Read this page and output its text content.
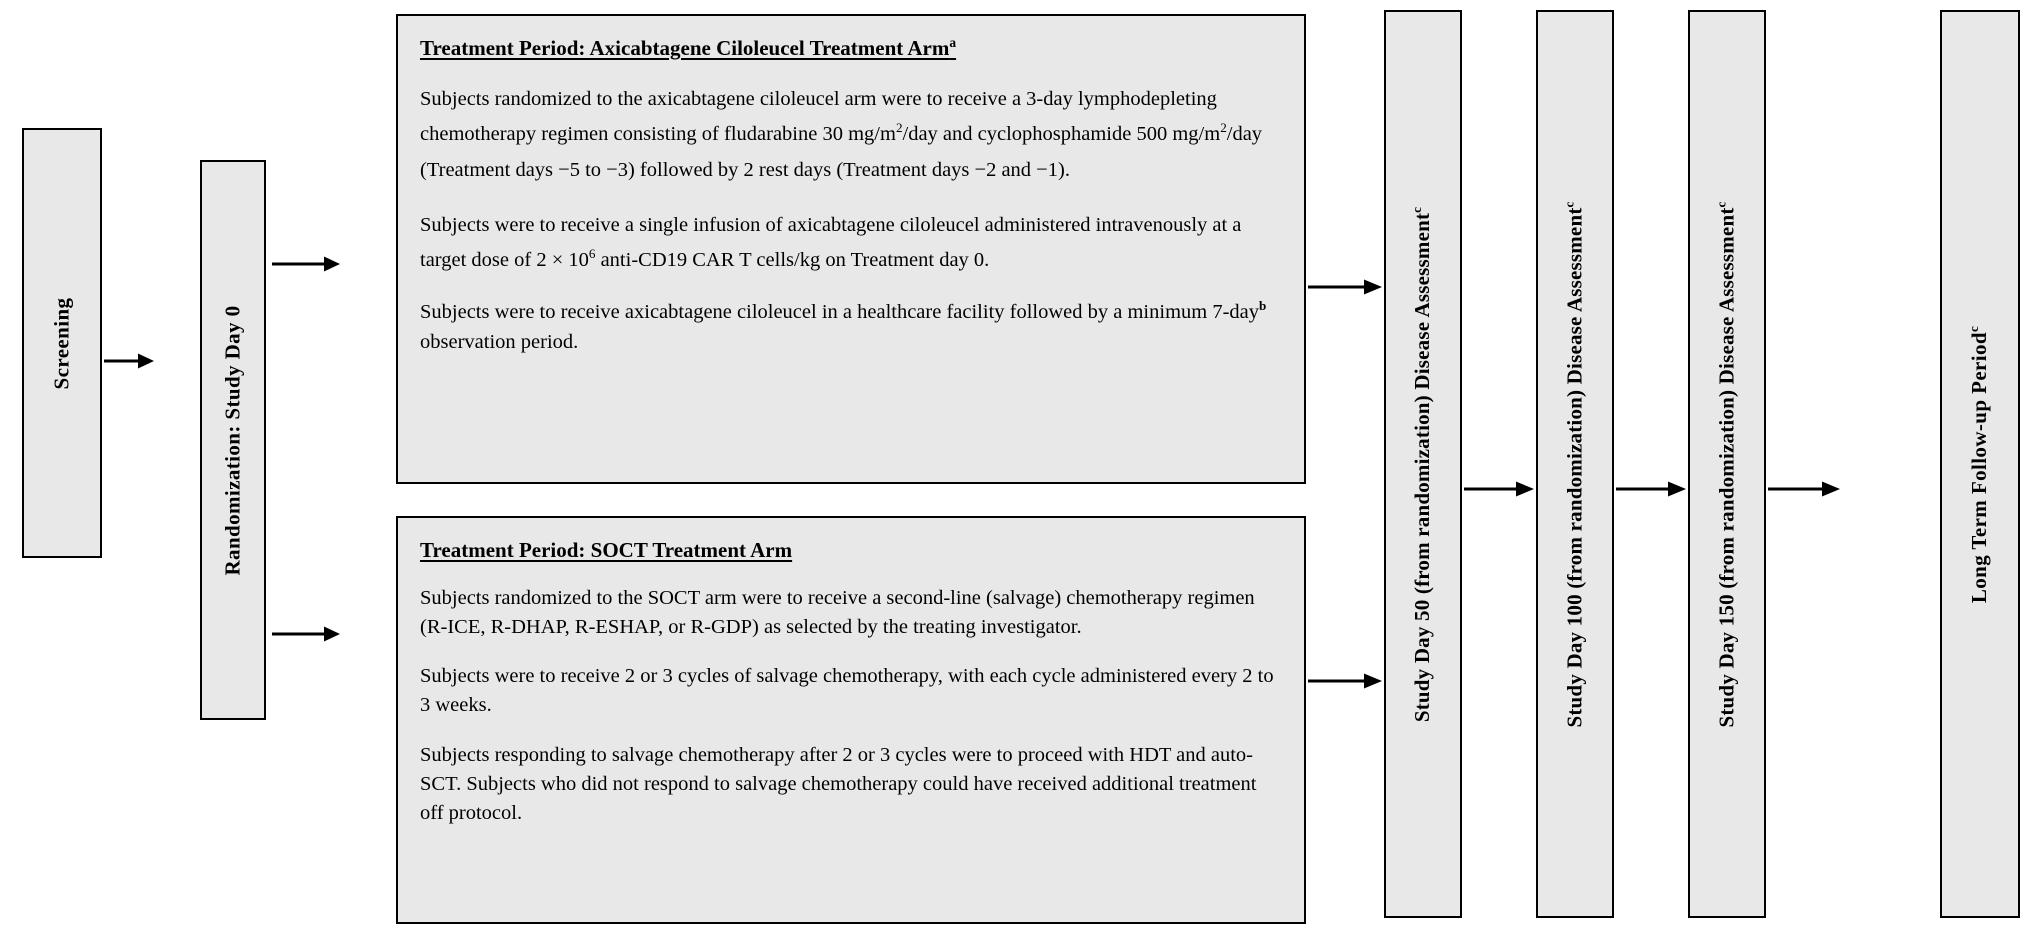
Screening	Randomization: Study Day 0
Treatment Period: Axicabtagene Ciloleucel Treatment Arm$^a$

Subjects randomized to the axicabtagene ciloleucel arm were to receive a 3-day lymphodepleting chemotherapy regimen consisting of fludarabine 30 $mg/m^2$/day and cyclophosphamide 500 $mg/m^2$/day (Treatment days −5 to −3) followed by 2 rest days (Treatment days −2 and −1).

Subjects were to receive a single infusion of axicabtagene ciloleucel administered intravenously at a target dose of $2 \times 10^6$ anti-CD19 CAR T cells/kg on Treatment day 0.

Subjects were to receive axicabtagene ciloleucel in a healthcare facility followed by a minimum 7-day$^b$ observation period.

Treatment Period: SOCT Treatment Arm

Subjects randomized to the SOCT arm were to receive a second-line (salvage) chemotherapy regimen (R-ICE, R-DHAP, R-ESHAP, or R-GDP) as selected by the treating investigator.

Subjects were to receive 2 or 3 cycles of salvage chemotherapy, with each cycle administered every 2 to 3 weeks.

Subjects responding to salvage chemotherapy after 2 or 3 cycles were to proceed with HDT and auto-SCT. Subjects who did not respond to salvage chemotherapy could have received additional treatment off protocol.

Study Day 50 (from randomization) Disease Assessment$^c$	Study Day 100 (from randomization) Disease Assessment$^c$
Study Day 150 (from randomization) Disease Assessment$^c$
Long Term Follow-up Period$^c$
